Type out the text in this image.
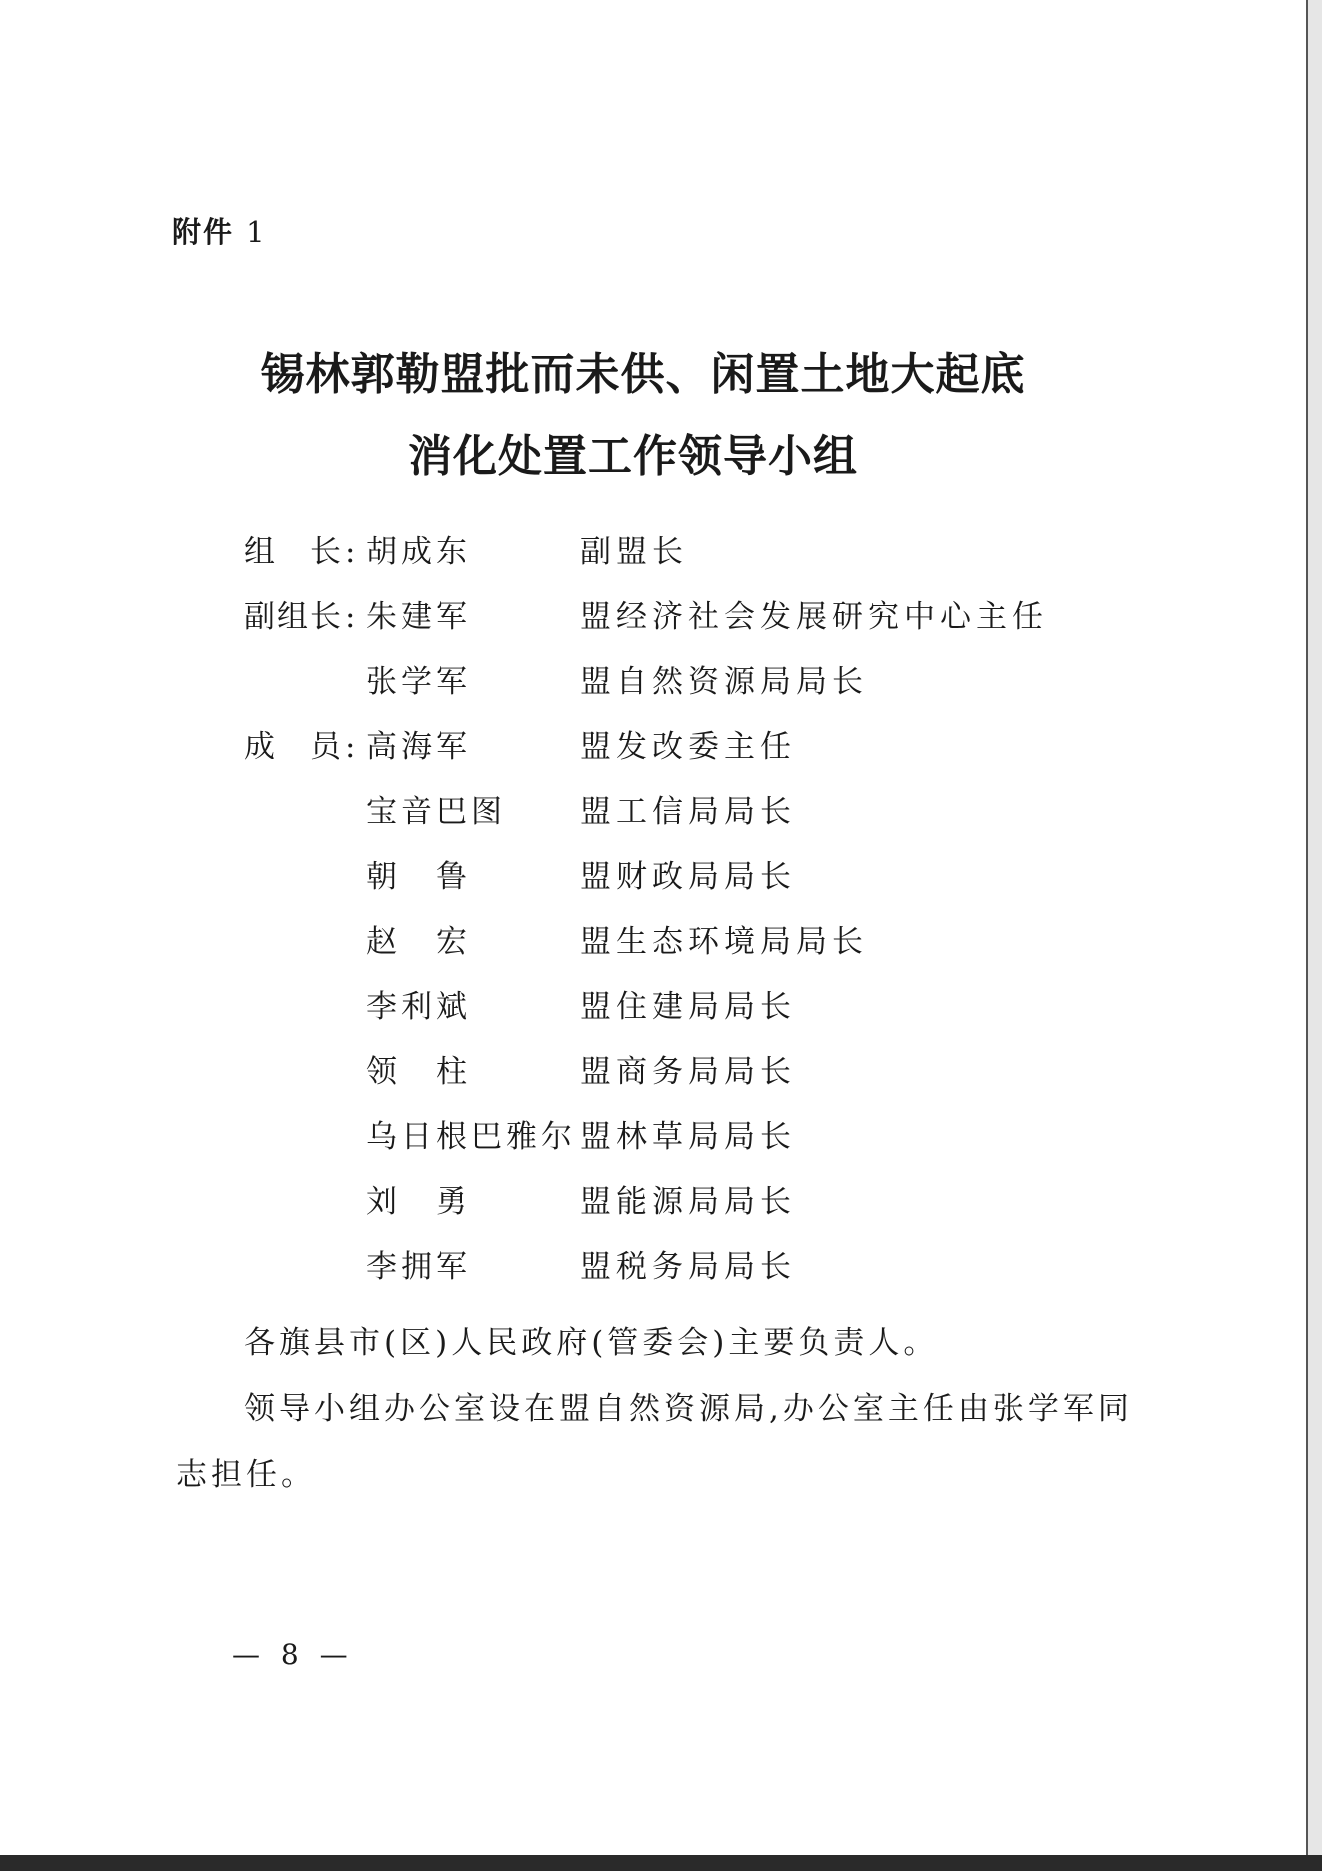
附件 1
锡林郭勒盟批而未供、闲置土地大起底
消化处置工作领导小组
组　长 : 胡成东	副盟长
副组长 : 朱建军	盟经济社会发展研究中心主任
张学军	盟自然资源局局长
成　员 : 高海军	盟发改委主任
宝音巴图 盟工信局局长
朝　鲁	盟财政局局长
赵　宏	盟生态环境局局长
李利斌	盟住建局局长
领　柱	盟商务局局长
乌日根巴雅尔 盟林草局局长
刘　勇	盟能源局局长
李拥军	盟税务局局长
各旗县市(区)人民政府(管委会)主要负责人。
领导小组办公室设在盟自然资源局,办公室主任由张学军同志担任。
— 8 —
